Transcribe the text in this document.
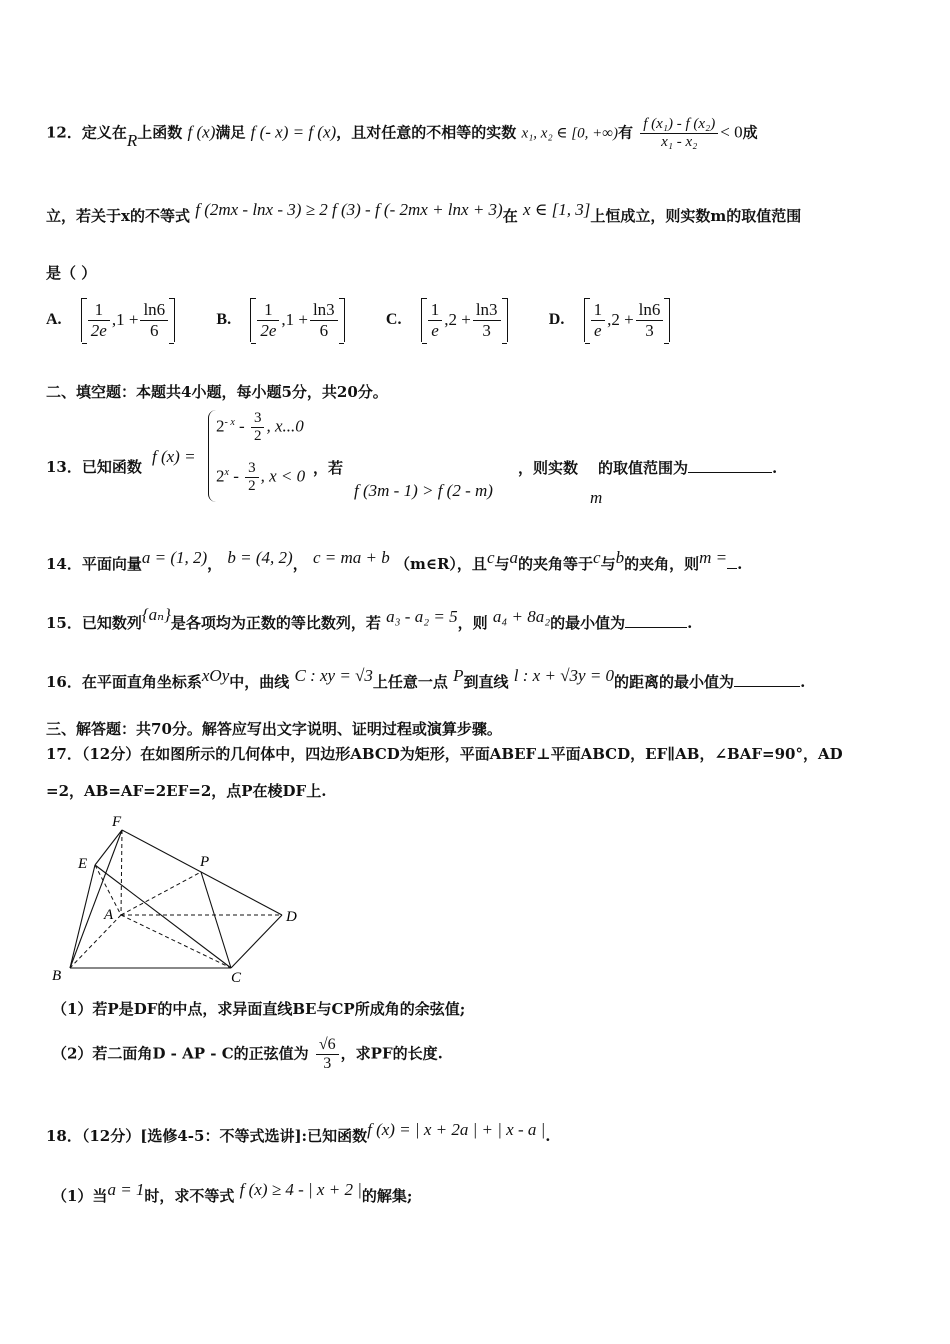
12．定义在R上函数 f (x)满足 f (- x) = f (x)，且对任意的不相等的实数 x₁, x₂ ∈ [0, +∞)有 $\frac{\text{f (x₁) - f (x₂)}}{\text{x₁ - x₂}} < 0$成
立，若关于x的不等式 f (2mx - lnx - 3) ≥ 2 f (3) - f (- 2mx + lnx + 3)在 x ∈ [1, 3]上恒成立，则实数m的取值范围
是（ ）
A. $\frac{1}{2e} ,1 + \frac{\ln 6}{6}$	B. $\frac{1}{2e} ,1 + \frac{\ln 3}{6}$	C. $\frac{1}{e} ,2 + \frac{\ln 3}{3}$	D. $\frac{1}{e} ,2 + \frac{\ln 6}{3}$
二、填空题：本题共4小题，每小题5分，共20分。
13．已知函数
f (x) =
$2^{- x} - \frac{3}{2}$ , x...0
$2^x - \frac{3}{2}$ , x < 0 ，若
f (3m - 1) > f (2 - m)
，则实数 的取值范围为	.
m
14．平面向量a = (1, 2)， b = (4, 2)， c = ma + b （m∈R），且c与a的夹角等于c与b的夹角，则m = .
15．已知数列{aₙ}是各项均为正数的等比数列，若 a₃ - a₂ = 5，则 a₄ + 8a₂的最小值为	.
16．在平面直角坐标系xOy中，曲线 C : xy = √3上任意一点 P到直线 l : x + √3y = 0的距离的最小值为	.
三、解答题：共70分。解答应写出文字说明、证明过程或演算步骤。
17．（12分）在如图所示的几何体中，四边形ABCD为矩形，平面ABEF⊥平面ABCD，EF∥AB，∠BAF=90°，AD
=2，AB=AF=2EF=2，点P在棱DF上.
F
E	P
A	D
B	C
（1）若P是DF的中点，求异面直线BE与CP所成角的余弦值;
（2）若二面角D - AP - C的正弦值为 $\frac{√6}{3}$ ，求PF的长度.
18．（12分）[选修4-5：不等式选讲]:已知函数f (x) = | x + 2a | + | x - a |.
（1）当a = 1时，求不等式 f (x) ≥ 4 - | x + 2 |的解集;
